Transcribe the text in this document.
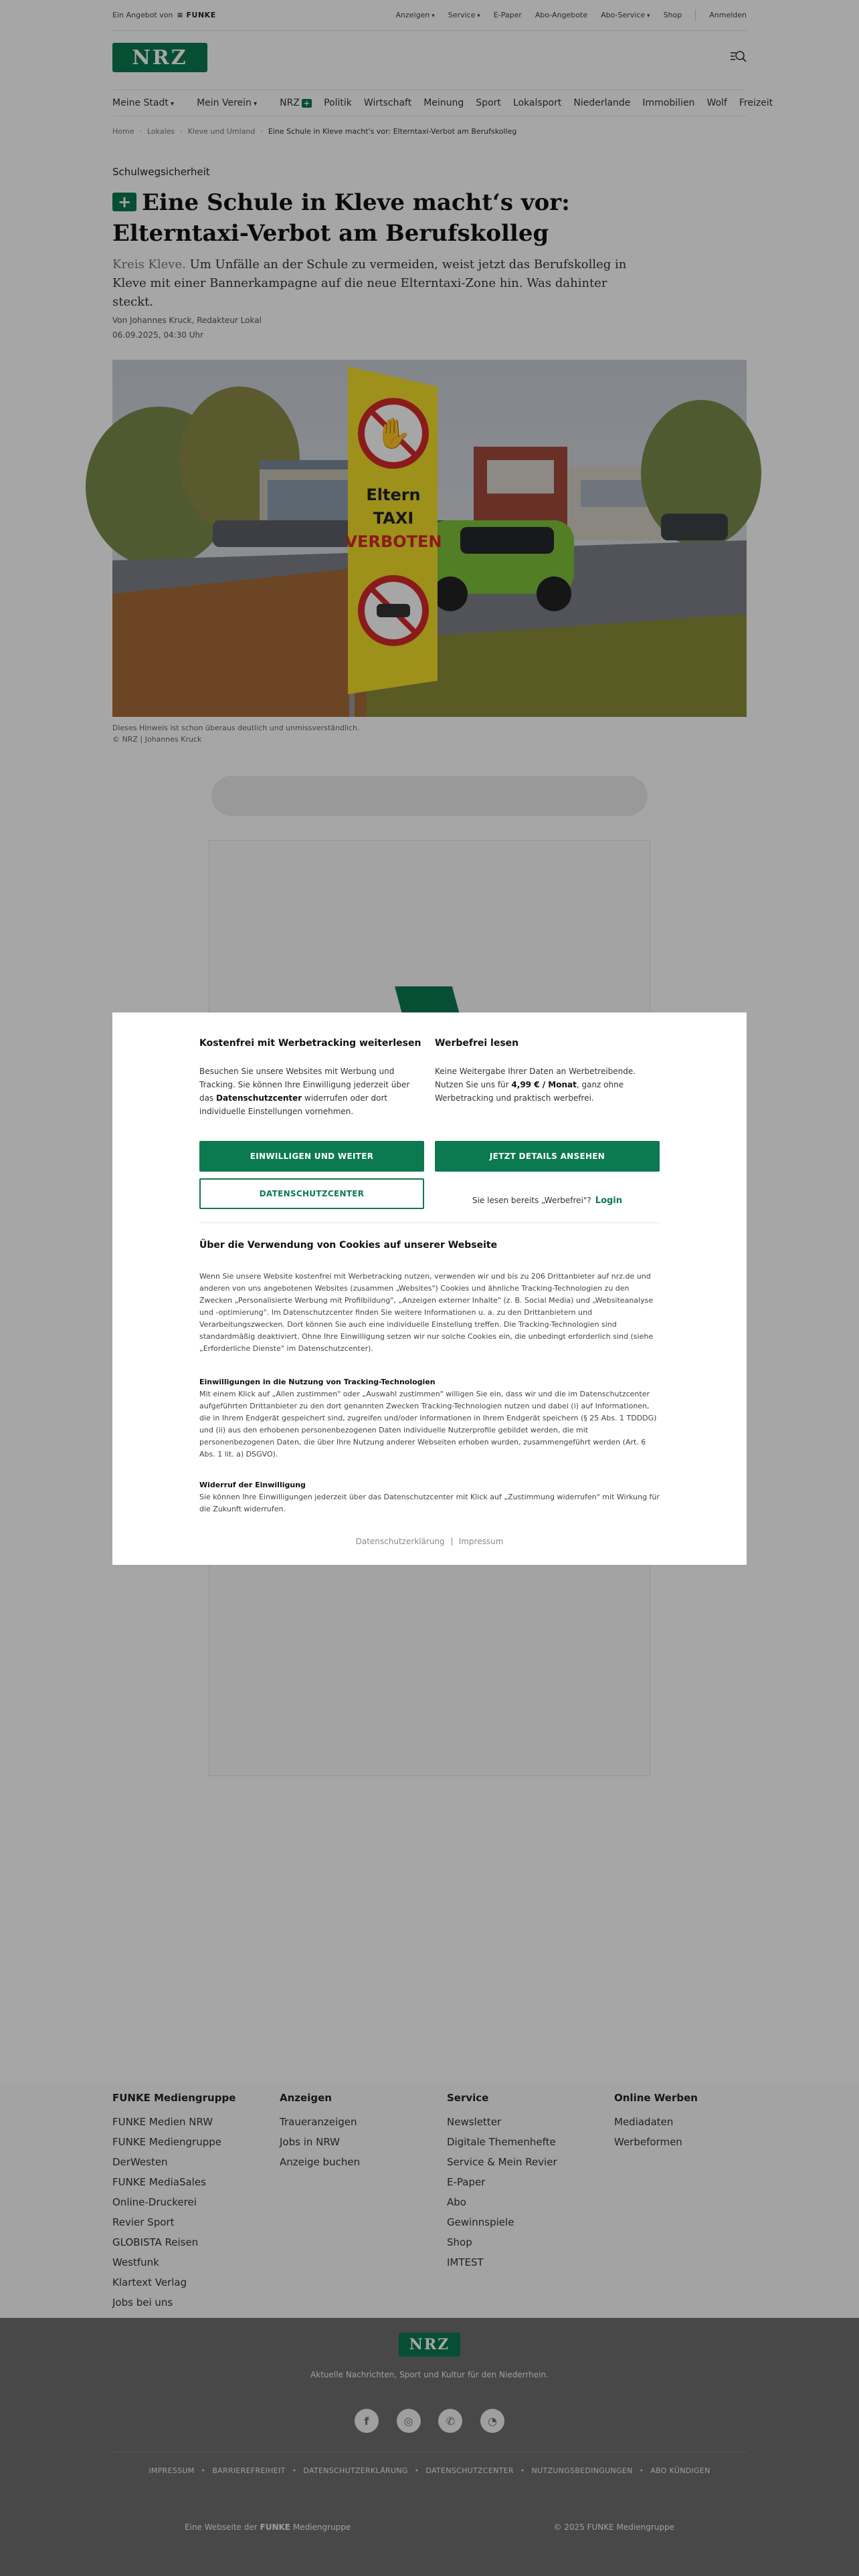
Ein Angebot von
≡	FUNKE	Anzeigen ▾	Service ▾	E-Paper Abo-Angebote Abo-Service ▾	Shop	Anmelden
NRZ
Meine Stadt ▾	Mein Verein ▾	NRZ + Politik Wirtschaft Meinung Sport Lokalsport Niederlande Immobilien Wolf Freizeit
Home · Lokales · Kleve und Umland · Eine Schule in Kleve macht's vor: Elterntaxi-Verbot am Berufskolleg
Schulwegsicherheit
+ Eine Schule in Kleve macht‘s vor: Elterntaxi-Verbot am Berufskolleg

Kreis Kleve. Um Unfälle an der Schule zu vermeiden, weist jetzt das Berufskolleg in Kleve mit einer Bannerkampagne auf die neue Elterntaxi-Zone hin. Was dahinter steckt.

Von Johannes Kruck, Redakteur Lokal
06.09.2025, 04:30 Uhr
✋
Eltern
TAXI
VERBOTEN
Dieses Hinweis ist schon überaus deutlich und unmissverständlich.
© NRZ | Johannes Kruck
FUNKE Mediengruppe
FUNKE Medien NRW
FUNKE Mediengruppe
DerWesten
FUNKE MediaSales
Online-Druckerei
Revier Sport
GLOBISTA Reisen
Westfunk
Klartext Verlag
Jobs bei uns
Anzeigen
Traueranzeigen
Jobs in NRW
Anzeige buchen
Service
Newsletter
Digitale Themenhefte
Service & Mein Revier
E-Paper
Abo
Gewinnspiele
Shop
IMTEST
Online Werben
Mediadaten
Werbeformen
NRZ
Aktuelle Nachrichten, Sport und Kultur für den Niederrhein.
f	◎	✆	◔
IMPRESSUM • BARRIEREFREIHEIT • DATENSCHUTZERKLÄRUNG • DATENSCHUTZCENTER • NUTZUNGSBEDINGUNGEN • ABO KÜNDIGEN
Eine Webseite der FUNKE Mediengruppe	© 2025 FUNKE Mediengruppe
Kostenfrei mit Werbetracking weiterlesen
Besuchen Sie unsere Websites mit Werbung und Tracking. Sie können Ihre Einwilligung jederzeit über das Datenschutzcenter widerrufen oder dort individuelle Einstellungen vornehmen.
Werbefrei lesen
Keine Weitergabe Ihrer Daten an Werbetreibende. Nutzen Sie uns für 4,99 € / Monat, ganz ohne Werbetracking und praktisch werbefrei.
EINWILLIGEN UND WEITER	JETZT DETAILS ANSEHEN
DATENSCHUTZCENTER
Sie lesen bereits „Werbefrei"? Login
Über die Verwendung von Cookies auf unserer Webseite
Wenn Sie unsere Website kostenfrei mit Werbetracking nutzen, verwenden wir und bis zu 206 Drittanbieter auf nrz.de und anderen von uns angebotenen Websites (zusammen „Websites") Cookies und ähnliche Tracking-Technologien zu den Zwecken „Personalisierte Werbung mit Profilbildung", „Anzeigen externer Inhalte" (z. B. Social Media) und „Websiteanalyse und -optimierung". Im Datenschutzcenter finden Sie weitere Informationen u. a. zu den Drittanbietern und Verarbeitungszwecken. Dort können Sie auch eine individuelle Einstellung treffen. Die Tracking-Technologien sind standardmäßig deaktiviert. Ohne Ihre Einwilligung setzen wir nur solche Cookies ein, die unbedingt erforderlich sind (siehe „Erforderliche Dienste" im Datenschutzcenter).
Einwilligungen in die Nutzung von Tracking-Technologien
Mit einem Klick auf „Allen zustimmen" oder „Auswahl zustimmen" willigen Sie ein, dass wir und die im Datenschutzcenter aufgeführten Drittanbieter zu den dort genannten Zwecken Tracking-Technologien nutzen und dabei (i) auf Informationen, die in Ihrem Endgerät gespeichert sind, zugreifen und/oder Informationen in Ihrem Endgerät speichern (§ 25 Abs. 1 TDDDG) und (ii) aus den erhobenen personenbezogenen Daten individuelle Nutzerprofile gebildet werden, die mit personenbezogenen Daten, die über Ihre Nutzung anderer Webseiten erhoben wurden, zusammengeführt werden (Art. 6 Abs. 1 lit. a) DSGVO).
Widerruf der Einwilligung
Sie können Ihre Einwilligungen jederzeit über das Datenschutzcenter mit Klick auf „Zustimmung widerrufen" mit Wirkung für die Zukunft widerrufen.
Datenschutzerklärung Impressum
